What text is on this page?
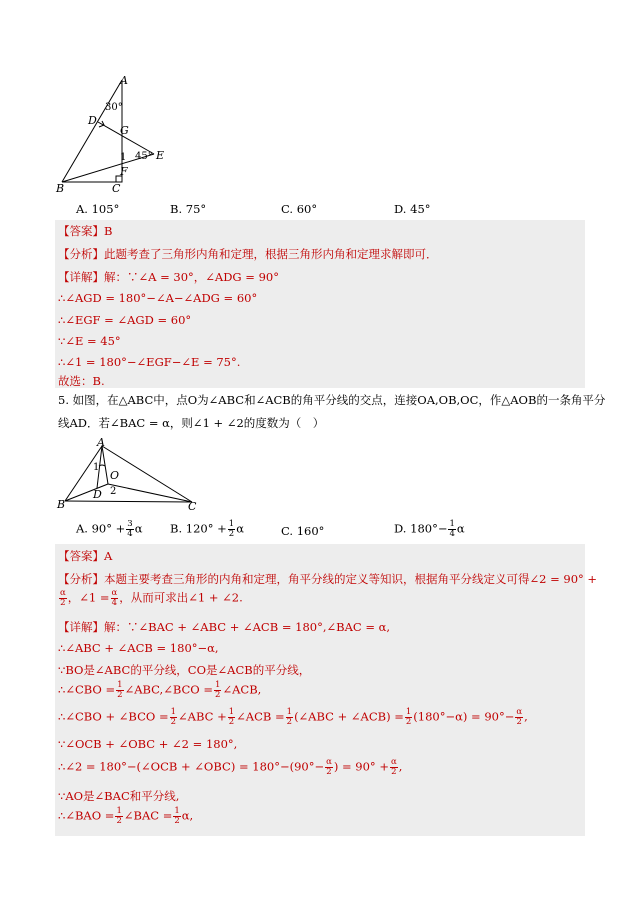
A
30°
D
G
1 45° E
F
B	C
A. 105°	B. 75°	C. 60°	D. 45°
【答案】B
【分析】此题考查了三角形内角和定理，根据三角形内角和定理求解即可．
【详解】解：∵∠A = 30°，∠ADG = 90°
∴∠AGD = 180°−∠A−∠ADG = 60°
∴∠EGF = ∠AGD = 60°
∵∠E = 45°
∴∠1 = 180°−∠EGF−∠E = 75°.
故选：B.
5. 如图，在△ABC中，点O为∠ABC和∠ACB的角平分线的交点，连接OA,OB,OC，作△AOB的一条角平分
线AD．若∠BAC = α，则∠1 + ∠2的度数为（　）
A
1
O
D 2
B	C
A. $90^\circ + \frac{3}{4}$ α B. $120^\circ + \frac{1}{2}$ α	C. 160°	D. $180^\circ- \frac{1}{4}$ α
【答案】A
【分析】本题主要考查三角形的内角和定理，角平分线的定义等知识，根据角平分线定义可得∠2 = 90° +
$\frac{\alpha}{2}$ ，∠1 = $\frac{\alpha}{4}$ ，从而可求出∠1 + ∠2.
【详解】解：∵∠BAC + ∠ABC + ∠ACB = 180°,∠BAC = α,
∴∠ABC + ∠ACB = 180°−α,
∵BO是∠ABC的平分线，CO是∠ACB的平分线，
∴∠CBO = $\frac{1}{2}$ ∠ABC,∠BCO = $\frac{1}{2}$ ∠ACB,
∴∠CBO + ∠BCO = $\frac{1}{2}$ ∠ABC + $\frac{1}{2}$ ∠ACB = $\frac{1}{2}$ (∠ABC + ∠ACB) = $\frac{1}{2} (180^\circ-\alpha) = 90^\circ- \frac{\alpha}{2}$ ,
∵∠OCB + ∠OBC + ∠2 = 180°,
∴∠2 = 180°−(∠OCB + ∠OBC) = $180^\circ-(90^\circ- \frac{\alpha}{2}$ ) = $90^\circ + \frac{\alpha}{2}$ ,
∵AO是∠BAC和平分线,
∴∠BAO = $\frac{1}{2}$ ∠BAC = $\frac{1}{2} \alpha$,
